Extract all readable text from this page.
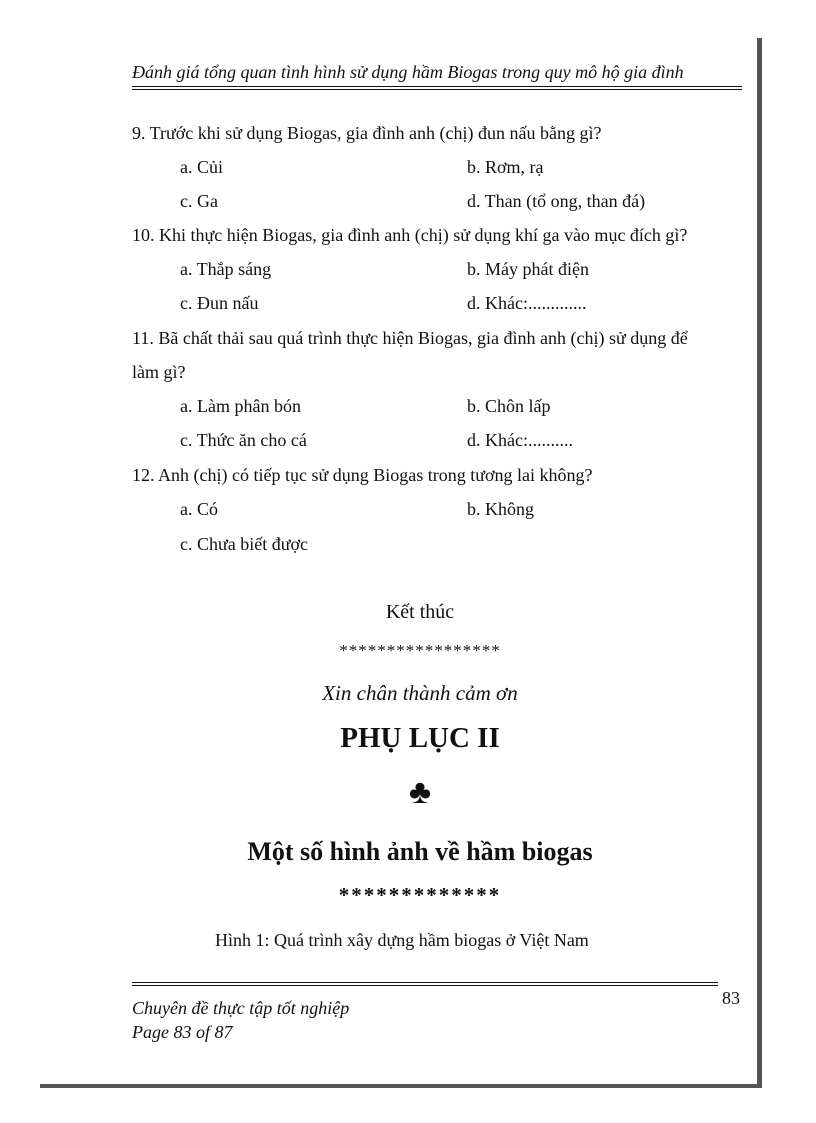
Đánh giá tổng quan tình hình sử dụng hầm Biogas trong quy mô hộ gia đình
9. Trước khi sử dụng Biogas, gia đình anh (chị) đun nấu bằng gì?
a. Củi	b. Rơm, rạ
c. Ga	d. Than (tổ ong, than đá)
10. Khi thực hiện Biogas, gia đình anh (chị) sử dụng khí ga vào mục đích gì?
a. Thắp sáng	b. Máy phát điện
c. Đun nấu	d. Khác:.............
11. Bã chất thải sau quá trình thực hiện Biogas, gia đình anh (chị) sử dụng để
làm gì?
a. Làm phân bón	b. Chôn lấp
c. Thức ăn cho cá	d. Khác:..........
12. Anh (chị) có tiếp tục sử dụng Biogas trong tương lai không?
a. Có	b. Không
c. Chưa biết được
Kết thúc
*****************
Xin chân thành cảm ơn
PHỤ LỤC II
♣
Một số hình ảnh về hầm biogas
*************
Hình 1: Quá trình xây dựng hầm biogas ở Việt Nam
83
Chuyên đề thực tập tốt nghiệp
Page 83 of 87
